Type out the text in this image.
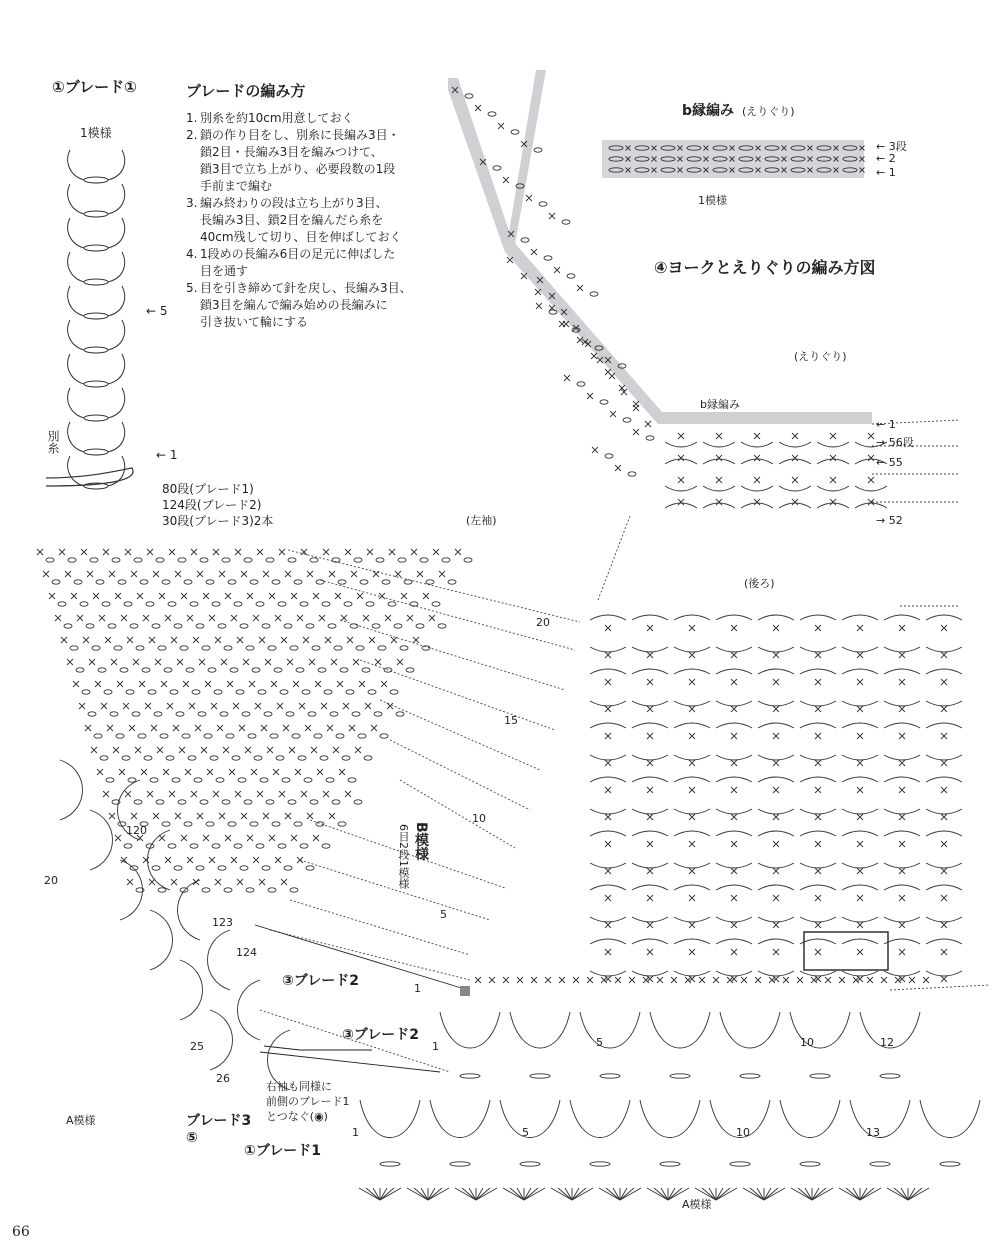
①ブレード①
1模様
← 5
← 1
別糸
80段(ブレード1)
124段(ブレード2)
30段(ブレード3)2本
ブレードの編み方
1. 別糸を約10cm用意しておく
2. 鎖の作り目をし、別糸に長編み3目・
鎖2目・長編み3目を編みつけて、
鎖3目で立ち上がり、必要段数の1段
手前まで編む
3. 編み終わりの段は立ち上がり3目、
長編み3目、鎖2目を編んだら糸を
40cm残して切り、目を伸ばしておく
4. 1段めの長編み6目の足元に伸ばした
目を通す
5. 目を引き締めて針を戻し、長編み3目、
鎖3目を編んで編み始めの長編みに
引き抜いて輪にする
b縁編み (えりぐり)
← 3段
← 2
← 1
1模様
④ヨークとえりぐりの編み方図
(えりぐり)
b縁編み
← 1
→ 56段
← 55
→ 52
(左袖)
(後ろ)
20
15
10
5
1
B模様
6目2段1模様
120
20
123
124
25
26
③ブレード2
③ブレード2
ブレード3
⑤
右袖も同様に
前側のブレード1
とつなぐ(◉)
①ブレード1
A模様
A模様
1	5	10	12
1	5	10	13
66
